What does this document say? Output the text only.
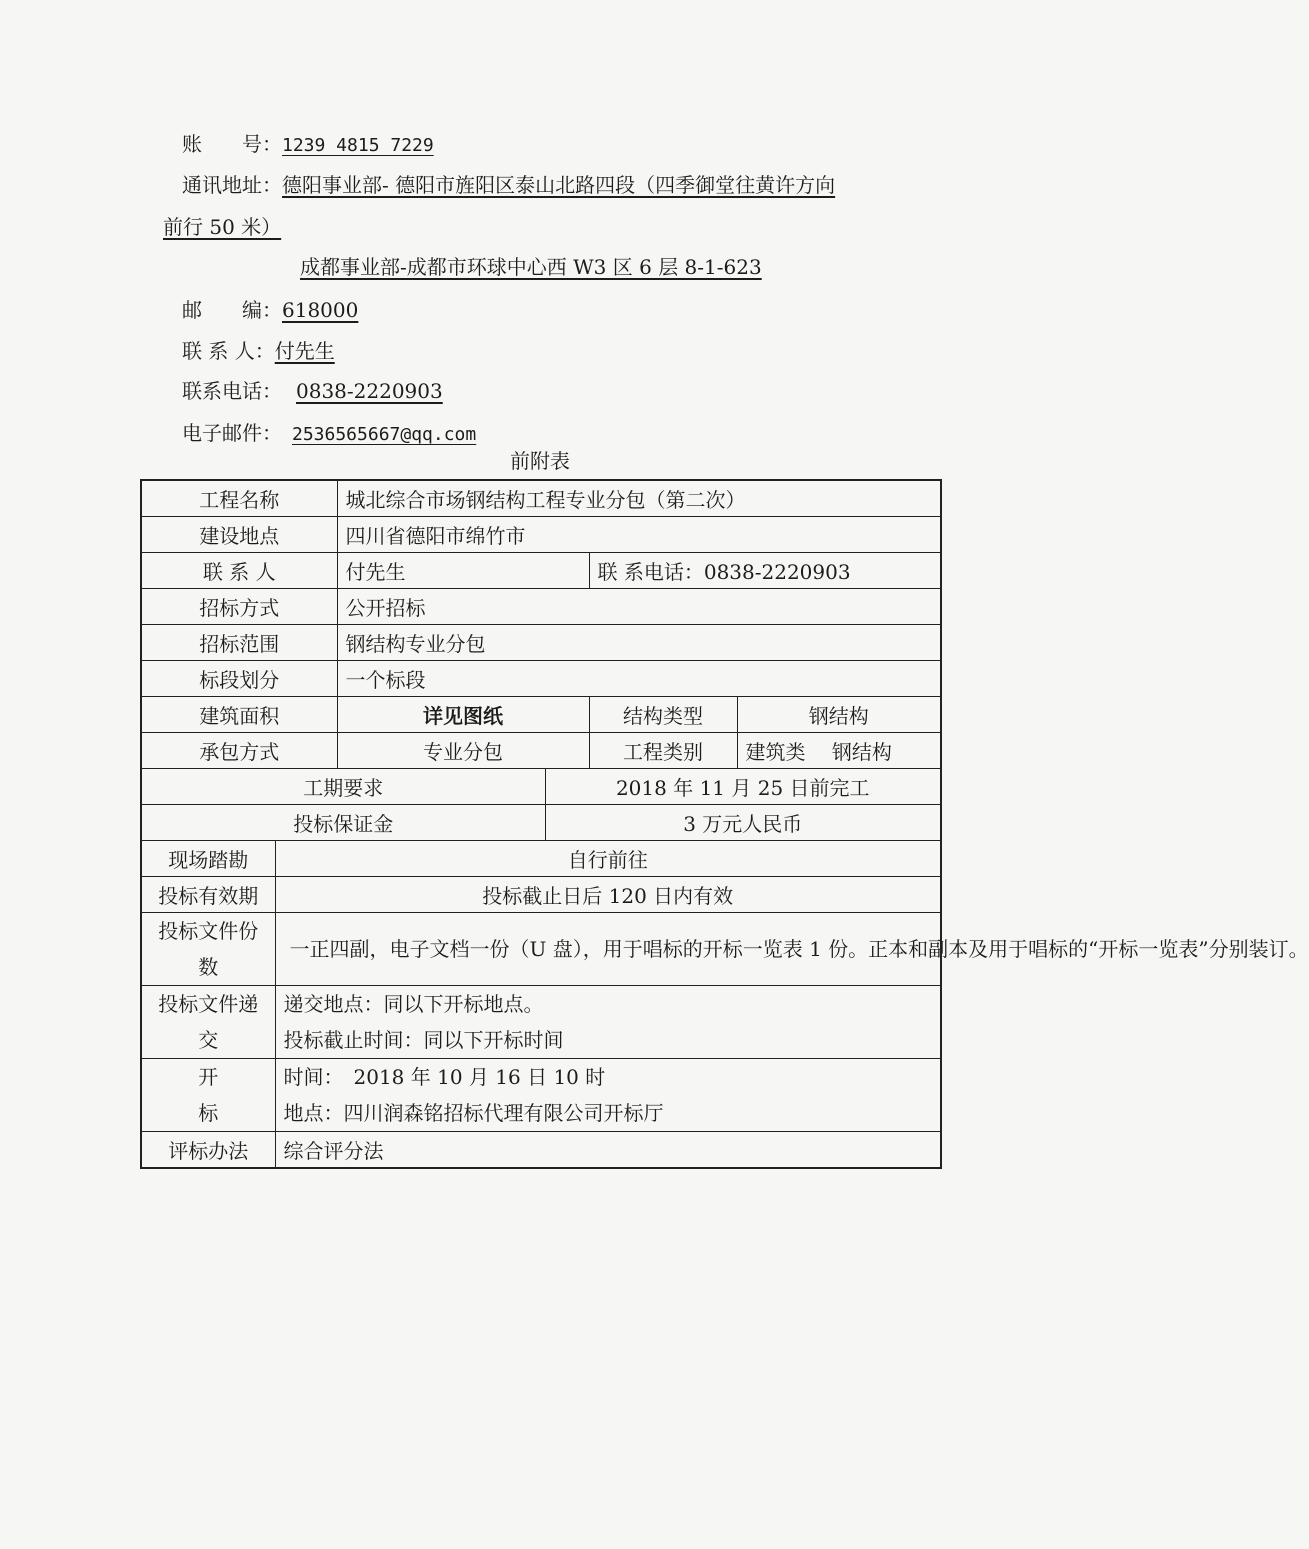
账　　号：1239 4815 7229
通讯地址：德阳事业部- 德阳市旌阳区泰山北路四段（四季御堂往黄许方向
前行 50 米）
成都事业部-成都市环球中心西 W3 区 6 层 8-1-623
邮　　编：618000
联 系 人：付先生
联系电话： 0838-2220903
电子邮件： 2536565667@qq.com
前附表
工程名称		城北综合市场钢结构工程专业分包（第二次）			
建设地点		四川省德阳市绵竹市			
联 系 人		付先生		联 系电话：0838-2220903	
招标方式		公开招标			
招标范围		钢结构专业分包			
标段划分		一个标段			
建筑面积		详见图纸		结构类型	钢结构
承包方式		专业分包		工程类别	建筑类　 钢结构
工期要求			2018 年 11 月 25 日前完工		
投标保证金			3 万元人民币		
现场踏勘	自行前往				
投标有效期	投标截止日后 120 日内有效				

投标文件份
数	一正四副，电子文档一份（U 盘），用于唱标的开标一览表 1 份。正本和副本及用于唱标的“开标一览表”分别装订。				

投标文件递
交	递交地点：同以下开标地点。
投标截止时间：同以下开标时间				

开
标	时间：　2018 年 10 月 16 日 10 时
地点：四川润森铭招标代理有限公司开标厅				

评标办法	综合评分法				
